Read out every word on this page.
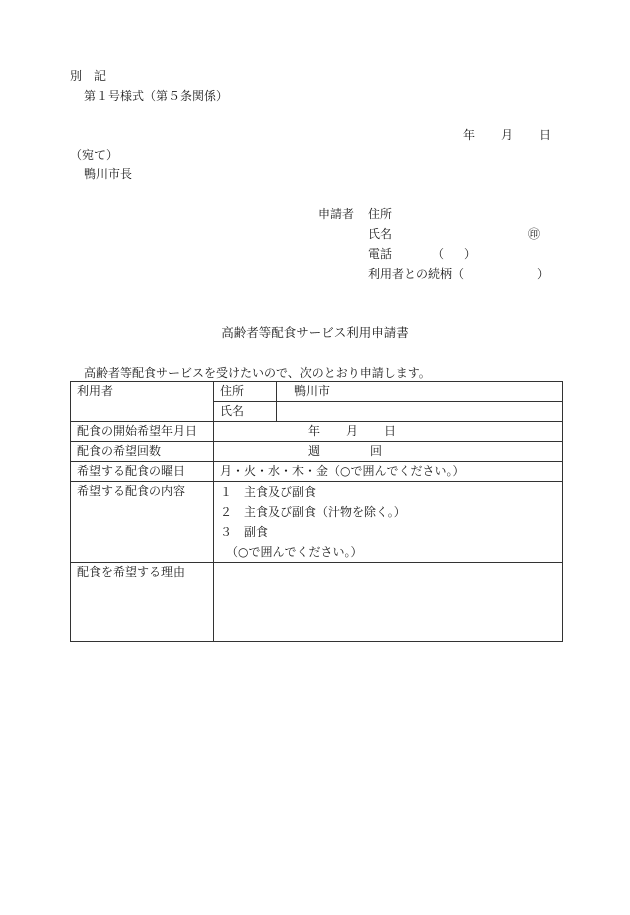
別　記
第１号様式（第５条関係）
年 月 日
（宛て）
鴨川市長
申請者 住所
氏名	㊞
電話	（ ）
利用者との続柄（	）
高齢者等配食サービス利用申請書
高齢者等配食サービスを受けたいので、次のとおり申請します。
利用者	住所	鴨川市
	氏名	
配食の開始希望年月日	年 月 日	

配食の希望回数	週 回	

希望する配食の曜日	月・火・水・木・金（○で囲んでください。）	
希望する配食の内容	１　主食及び副食
２　主食及び副食（汁物を除く。）
３　副食
（○で囲んでください。）	

配食を希望する理由		
